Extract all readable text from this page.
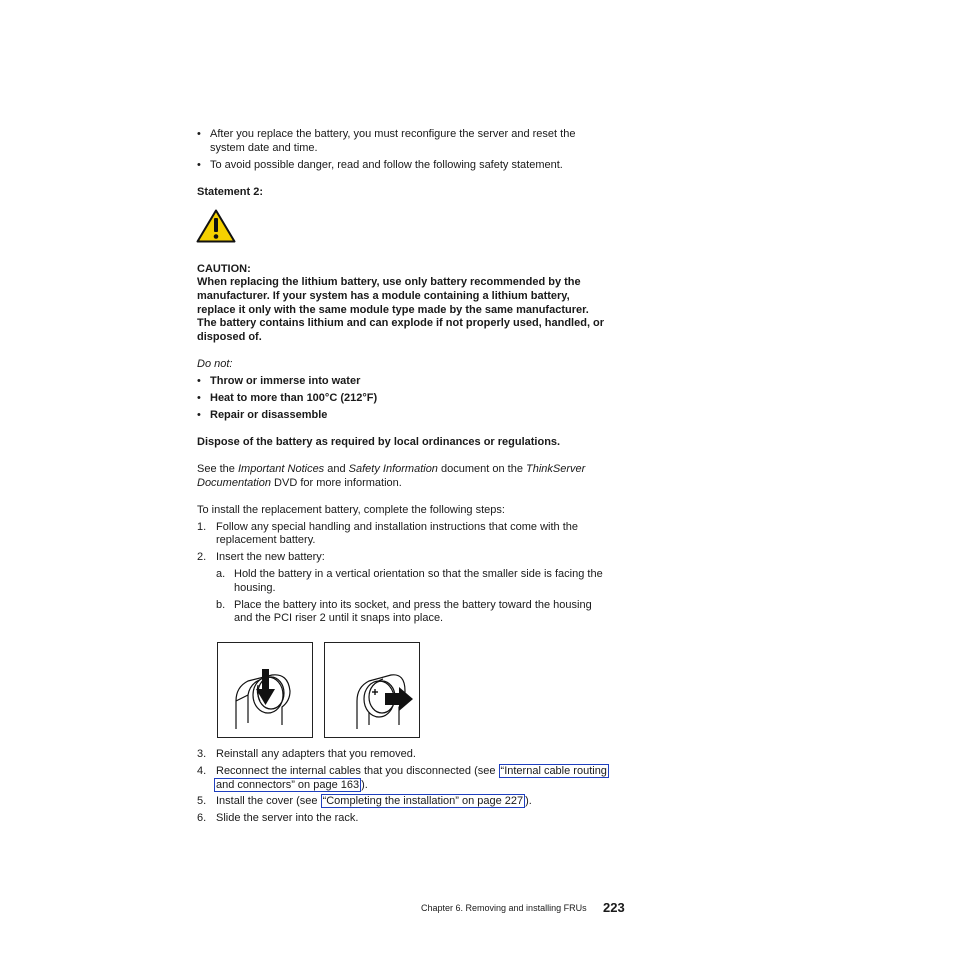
• After you replace the battery, you must reconfigure the server and reset the
system date and time.
• To avoid possible danger, read and follow the following safety statement.
Statement 2:
CAUTION:
When replacing the lithium battery, use only battery recommended by the
manufacturer. If your system has a module containing a lithium battery,
replace it only with the same module type made by the same manufacturer.
The battery contains lithium and can explode if not properly used, handled, or
disposed of.
Do not:
• Throw or immerse into water
• Heat to more than 100°C (212°F)
• Repair or disassemble
Dispose of the battery as required by local ordinances or regulations.
See the Important Notices and Safety Information document on the ThinkServer
Documentation DVD for more information.
To install the replacement battery, complete the following steps:
1. Follow any special handling and installation instructions that come with the
replacement battery.
2. Insert the new battery:
a. Hold the battery in a vertical orientation so that the smaller side is facing the
housing.
b. Place the battery into its socket, and press the battery toward the housing
and the PCI riser 2 until it snaps into place.
3. Reinstall any adapters that you removed.
4. Reconnect the internal cables that you disconnected (see “Internal cable routing
and connectors” on page 163 ).
5. Install the cover (see “Completing the installation” on page 227 ).
6. Slide the server into the rack.
Chapter 6. Removing and installing FRUs 223
